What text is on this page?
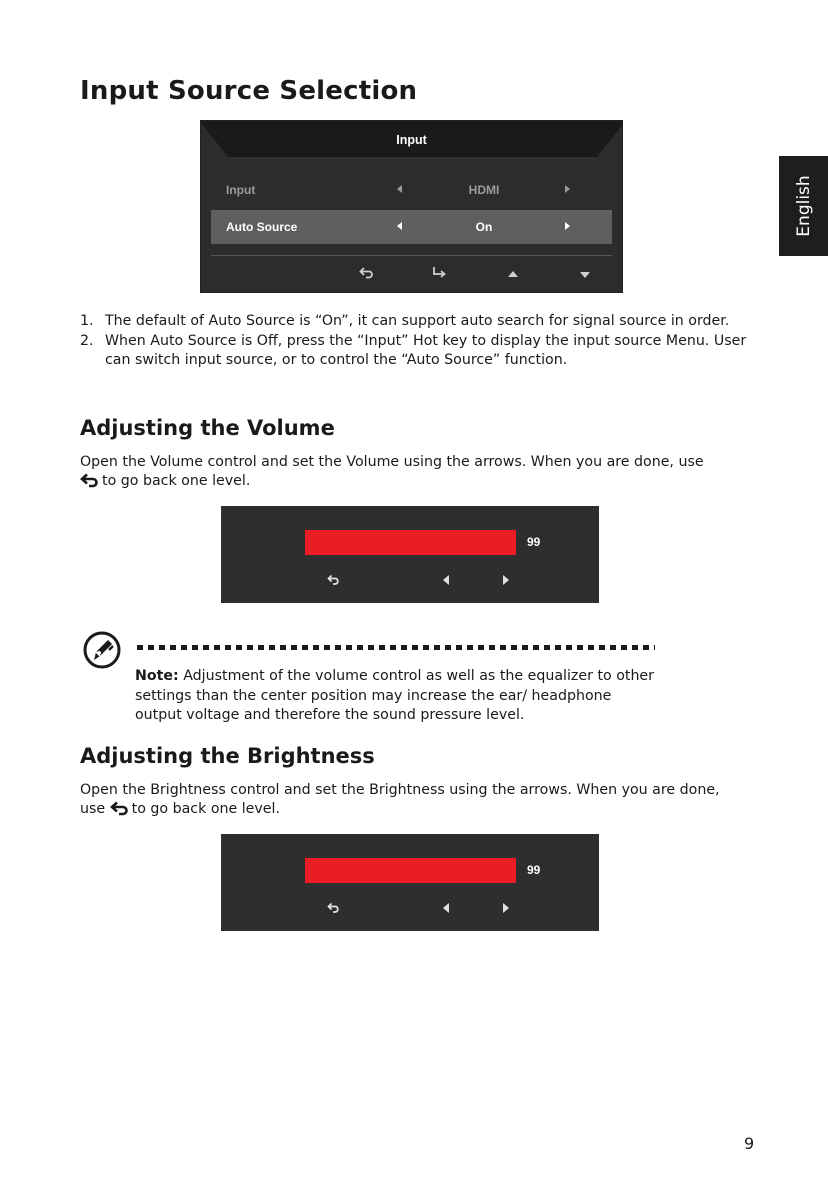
English
Input Source Selection
Input
Input	HDMI
Auto Source	On
1. The default of Auto Source is “On”, it can support auto search for signal source in order.
2. When Auto Source is Off, press the “Input” Hot key to display the input source Menu. User can switch input source, or to control the “Auto Source” function.
Adjusting the Volume
Open the Volume control and set the Volume using the arrows. When you are done, use
to go back one level.
99
Note: Adjustment of the volume control as well as the equalizer to other settings than the center position may increase the ear/ headphone output voltage and therefore the sound pressure level.
Adjusting the Brightness
Open the Brightness control and set the Brightness using the arrows. When you are done, use to go back one level.
99
9
